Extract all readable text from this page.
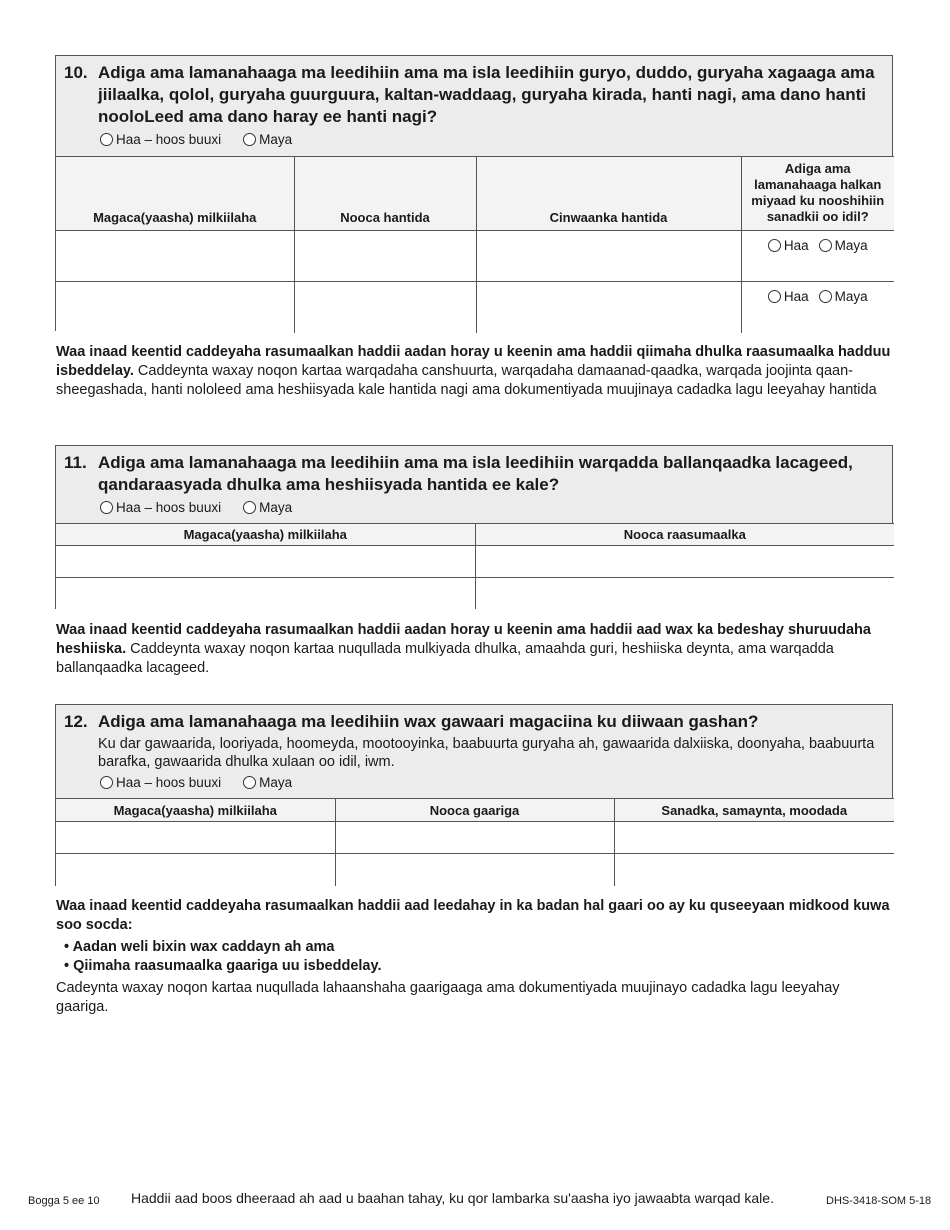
10. Adiga ama lamanahaaga ma leedihiin ama ma isla leedihiin guryo, duddo, guryaha xagaaga ama jiilaalka, qolol, guryaha guurguura, kaltan-waddaag, guryaha kirada, hanti nagi, ama dano hanti nooloLeed ama dano haray ee hanti nagi?
Haa – hoos buuxi	Maya
Magaca(yaasha) milkiilaha	Nooca hantida	Cinwaanka hantida	Adiga ama lamanahaaga halkan miyaad ku nooshihiin sanadkii oo idil?

			Haa Maya

			Haa Maya
Waa inaad keentid caddeyaha rasumaalkan haddii aadan horay u keenin ama haddii qiimaha dhulka raasumaalka hadduu isbeddelay. Caddeynta waxay noqon kartaa warqadaha canshuurta, warqadaha damaanad-qaadka, warqada joojinta qaan-sheegashada, hanti nololeed ama heshiisyada kale hantida nagi ama dokumentiyada muujinaya cadadka lagu leeyahay hantida
11. Adiga ama lamanahaaga ma leedihiin ama ma isla leedihiin warqadda ballanqaadka lacageed, qandaraasyada dhulka ama heshiisyada hantida ee kale?
Haa – hoos buuxi	Maya
Magaca(yaasha) milkiilaha	Nooca raasumaalka

Waa inaad keentid caddeyaha rasumaalkan haddii aadan horay u keenin ama haddii aad wax ka bedeshay shuruudaha heshiiska. Caddeynta waxay noqon kartaa nuqullada mulkiyada dhulka, amaahda guri, heshiiska deynta, ama warqadda ballanqaadka lacageed.
12. Adiga ama lamanahaaga ma leedihiin wax gawaari magaciina ku diiwaan gashan?
Ku dar gawaarida, looriyada, hoomeyda, mootooyinka, baabuurta guryaha ah, gawaarida dalxiiska, doonyaha, baabuurta barafka, gawaarida dhulka xulaan oo idil, iwm.
Haa – hoos buuxi	Maya
Magaca(yaasha) milkiilaha	Nooca gaariga	Sanadka, samaynta, moodada

Waa inaad keentid caddeyaha rasumaalkan haddii aad leedahay in ka badan hal gaari oo ay ku quseeyaan midkood kuwa soo socda:
• Aadan weli bixin wax caddayn ah ama
• Qiimaha raasumaalka gaariga uu isbeddelay.
Cadeynta waxay noqon kartaa nuqullada lahaanshaha gaarigaaga ama dokumentiyada muujinayo cadadka lagu leeyahay gaariga.
Bogga 5 ee 10 Haddii aad boos dheeraad ah aad u baahan tahay, ku qor lambarka su'aasha iyo jawaabta warqad kale.	DHS-3418-SOM 5-18
